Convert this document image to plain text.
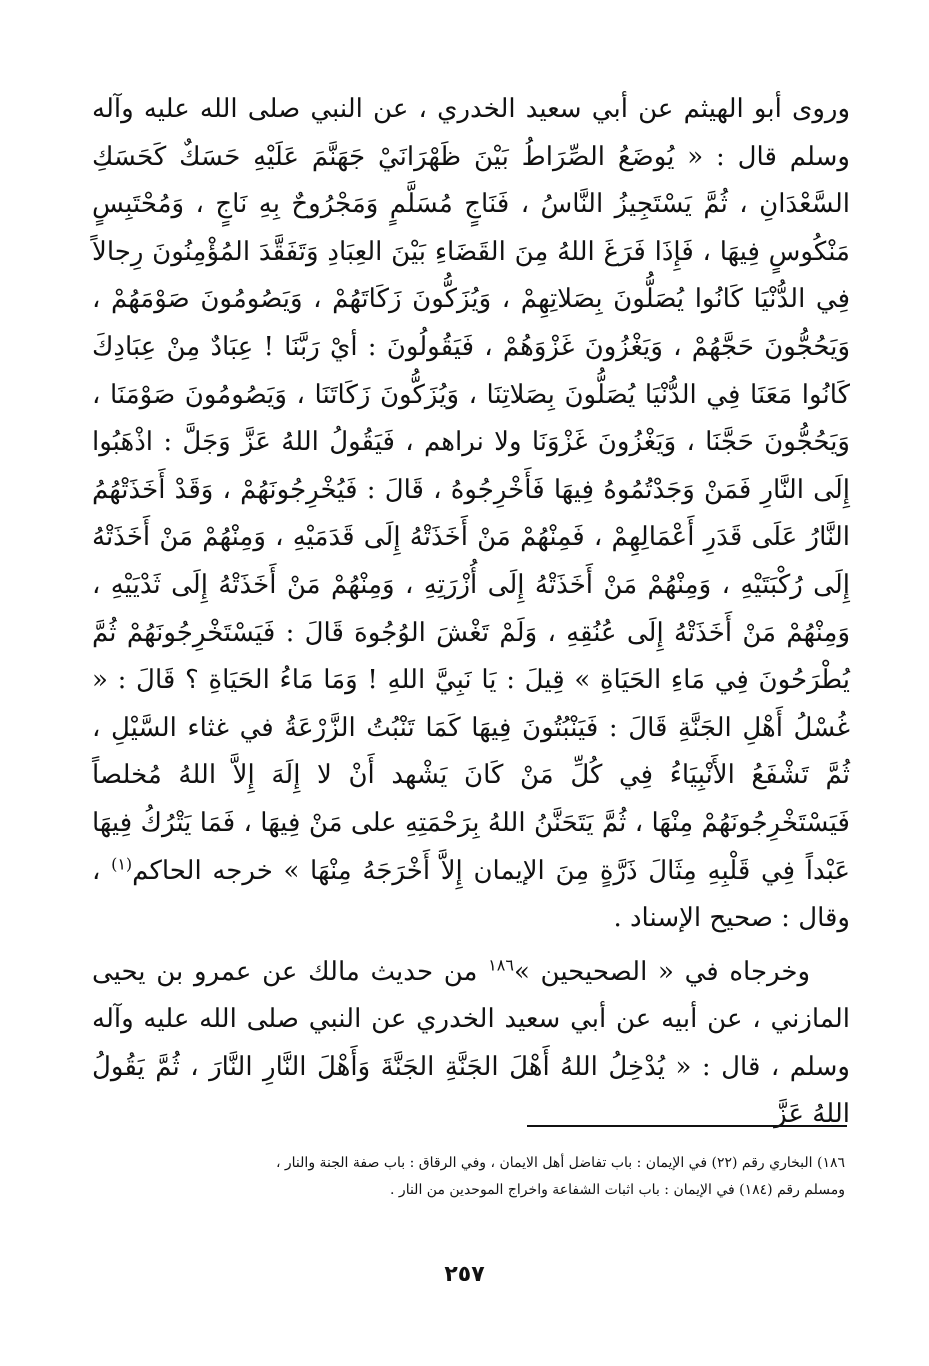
وروى أبو الهيثم عن أبي سعيد الخدري ، عن النبي صلى الله عليه وآله وسلم قال : « يُوضَعُ الصِّرَاطُ بَيْنَ ظَهْرَانَيْ جَهَنَّمَ عَلَيْهِ حَسَكٌ كَحَسَكِ السَّعْدَانِ ، ثُمَّ يَسْتَجِيزُ النَّاسُ ، فَنَاجٍ مُسَلَّمٍ وَمَجْرُوحٌ بِهِ نَاجٍ ، وَمُحْتَبِسٍ مَنْكُوسٍ فِيهَا ، فَإِذَا فَرَغَ اللهُ مِنَ القَضَاءِ بَيْنَ العِبَادِ وَتَفَقَّدَ المُؤْمِنُونَ رِجالاً فِي الدُّنْيَا كَانُوا يُصَلُّونَ بِصَلاتِهِمْ ، وَيُزَكُّونَ زَكَاتَهُمْ ، وَيَصُومُونَ صَوْمَهُمْ ، وَيَحُجُّونَ حَجَّهُمْ ، وَيَغْزُونَ غَزْوَهُمْ ، فَيَقُولُونَ : أيْ رَبَّنَا ! عِبَادٌ مِنْ عِبَادِكَ كَانُوا مَعَنَا فِي الدُّنْيَا يُصَلُّونَ بِصَلاتِنَا ، وَيُزَكُّونَ زَكَاتَنَا ، وَيَصُومُونَ صَوْمَنَا ، وَيَحُجُّونَ حَجَّنَا ، وَيَغْزُونَ غَزْوَنَا ولا نراهم ، فَيَقُولُ اللهُ عَزَّ وَجَلَّ : اذْهَبُوا إِلَى النَّارِ فَمَنْ وَجَدْتُمُوهُ فِيهَا فَأَخْرِجُوهُ ، قَالَ : فَيُخْرِجُونَهُمْ ، وَقَدْ أَخَذَتْهُمُ النَّارُ عَلَى قَدَرِ أَعْمَالِهِمْ ، فَمِنْهُمْ مَنْ أَخَذَتْهُ إِلَى قَدَمَيْهِ ، وَمِنْهُمْ مَنْ أَخَذَتْهُ إِلَى رُكْبَتَيْهِ ، وَمِنْهُمْ مَنْ أَخَذَتْهُ إِلَى أُزْرَتِهِ ، وَمِنْهُمْ مَنْ أَخَذَتْهُ إِلَى ثَدْيَيْهِ ، وَمِنْهُمْ مَنْ أَخَذَتْهُ إِلَى عُنُقِهِ ، وَلَمْ تَغْشَ الوُجُوهَ قَالَ : فَيَسْتَخْرِجُونَهُمْ ثُمَّ يُطْرَحُونَ فِي مَاءِ الحَيَاةِ » قِيلَ : يَا نَبِيَّ اللهِ ! وَمَا مَاءُ الحَيَاةِ ؟ قَالَ : « غُسْلُ أَهْلِ الجَنَّةِ قَالَ : فَيَنْبُتُونَ فِيهَا كَمَا تَنْبُتُ الزَّرْعَةُ في غثاء السَّيْلِ ، ثُمَّ تَشْفَعُ الأَنْبِيَاءُ فِي كُلِّ مَنْ كَانَ يَشْهد أَنْ لا إِلَهَ إِلاَّ اللهُ مُخلصاً فَيَسْتَخْرِجُونَهُمْ مِنْهَا ، ثُمَّ يَتَحَنَّنُ اللهُ بِرَحْمَتِهِ على مَنْ فِيهَا ، فَمَا يَتْرُكُ فِيهَا عَبْداً فِي قَلْبِهِ مِثَالَ ذَرَّةٍ مِنَ الإيمان إِلاَّ أَخْرَجَهُ مِنْهَا » خرجه الحاكم$^{(١)}$ ، وقال : صحيح الإسناد .

وخرجاه في « الصحيحين »$^{١٨٦}$ من حديث مالك عن عمرو بن يحيى المازني ، عن أبيه عن أبي سعيد الخدري عن النبي صلى الله عليه وآله وسلم ، قال : « يُدْخِلُ اللهُ أَهْلَ الجَنَّةِ الجَنَّةَ وَأَهْلَ النَّارِ النَّارَ ، ثُمَّ يَقُولُ اللهُ عَزَّ

١٨٦) البخاري رقم (٢٢) في الإيمان : باب تفاضل أهل الايمان ، وفي الرقاق : باب صفة الجنة والنار ،

ومسلم رقم (١٨٤) في الإيمان : باب اثبات الشفاعة واخراج الموحدين من النار .

٢٥٧
